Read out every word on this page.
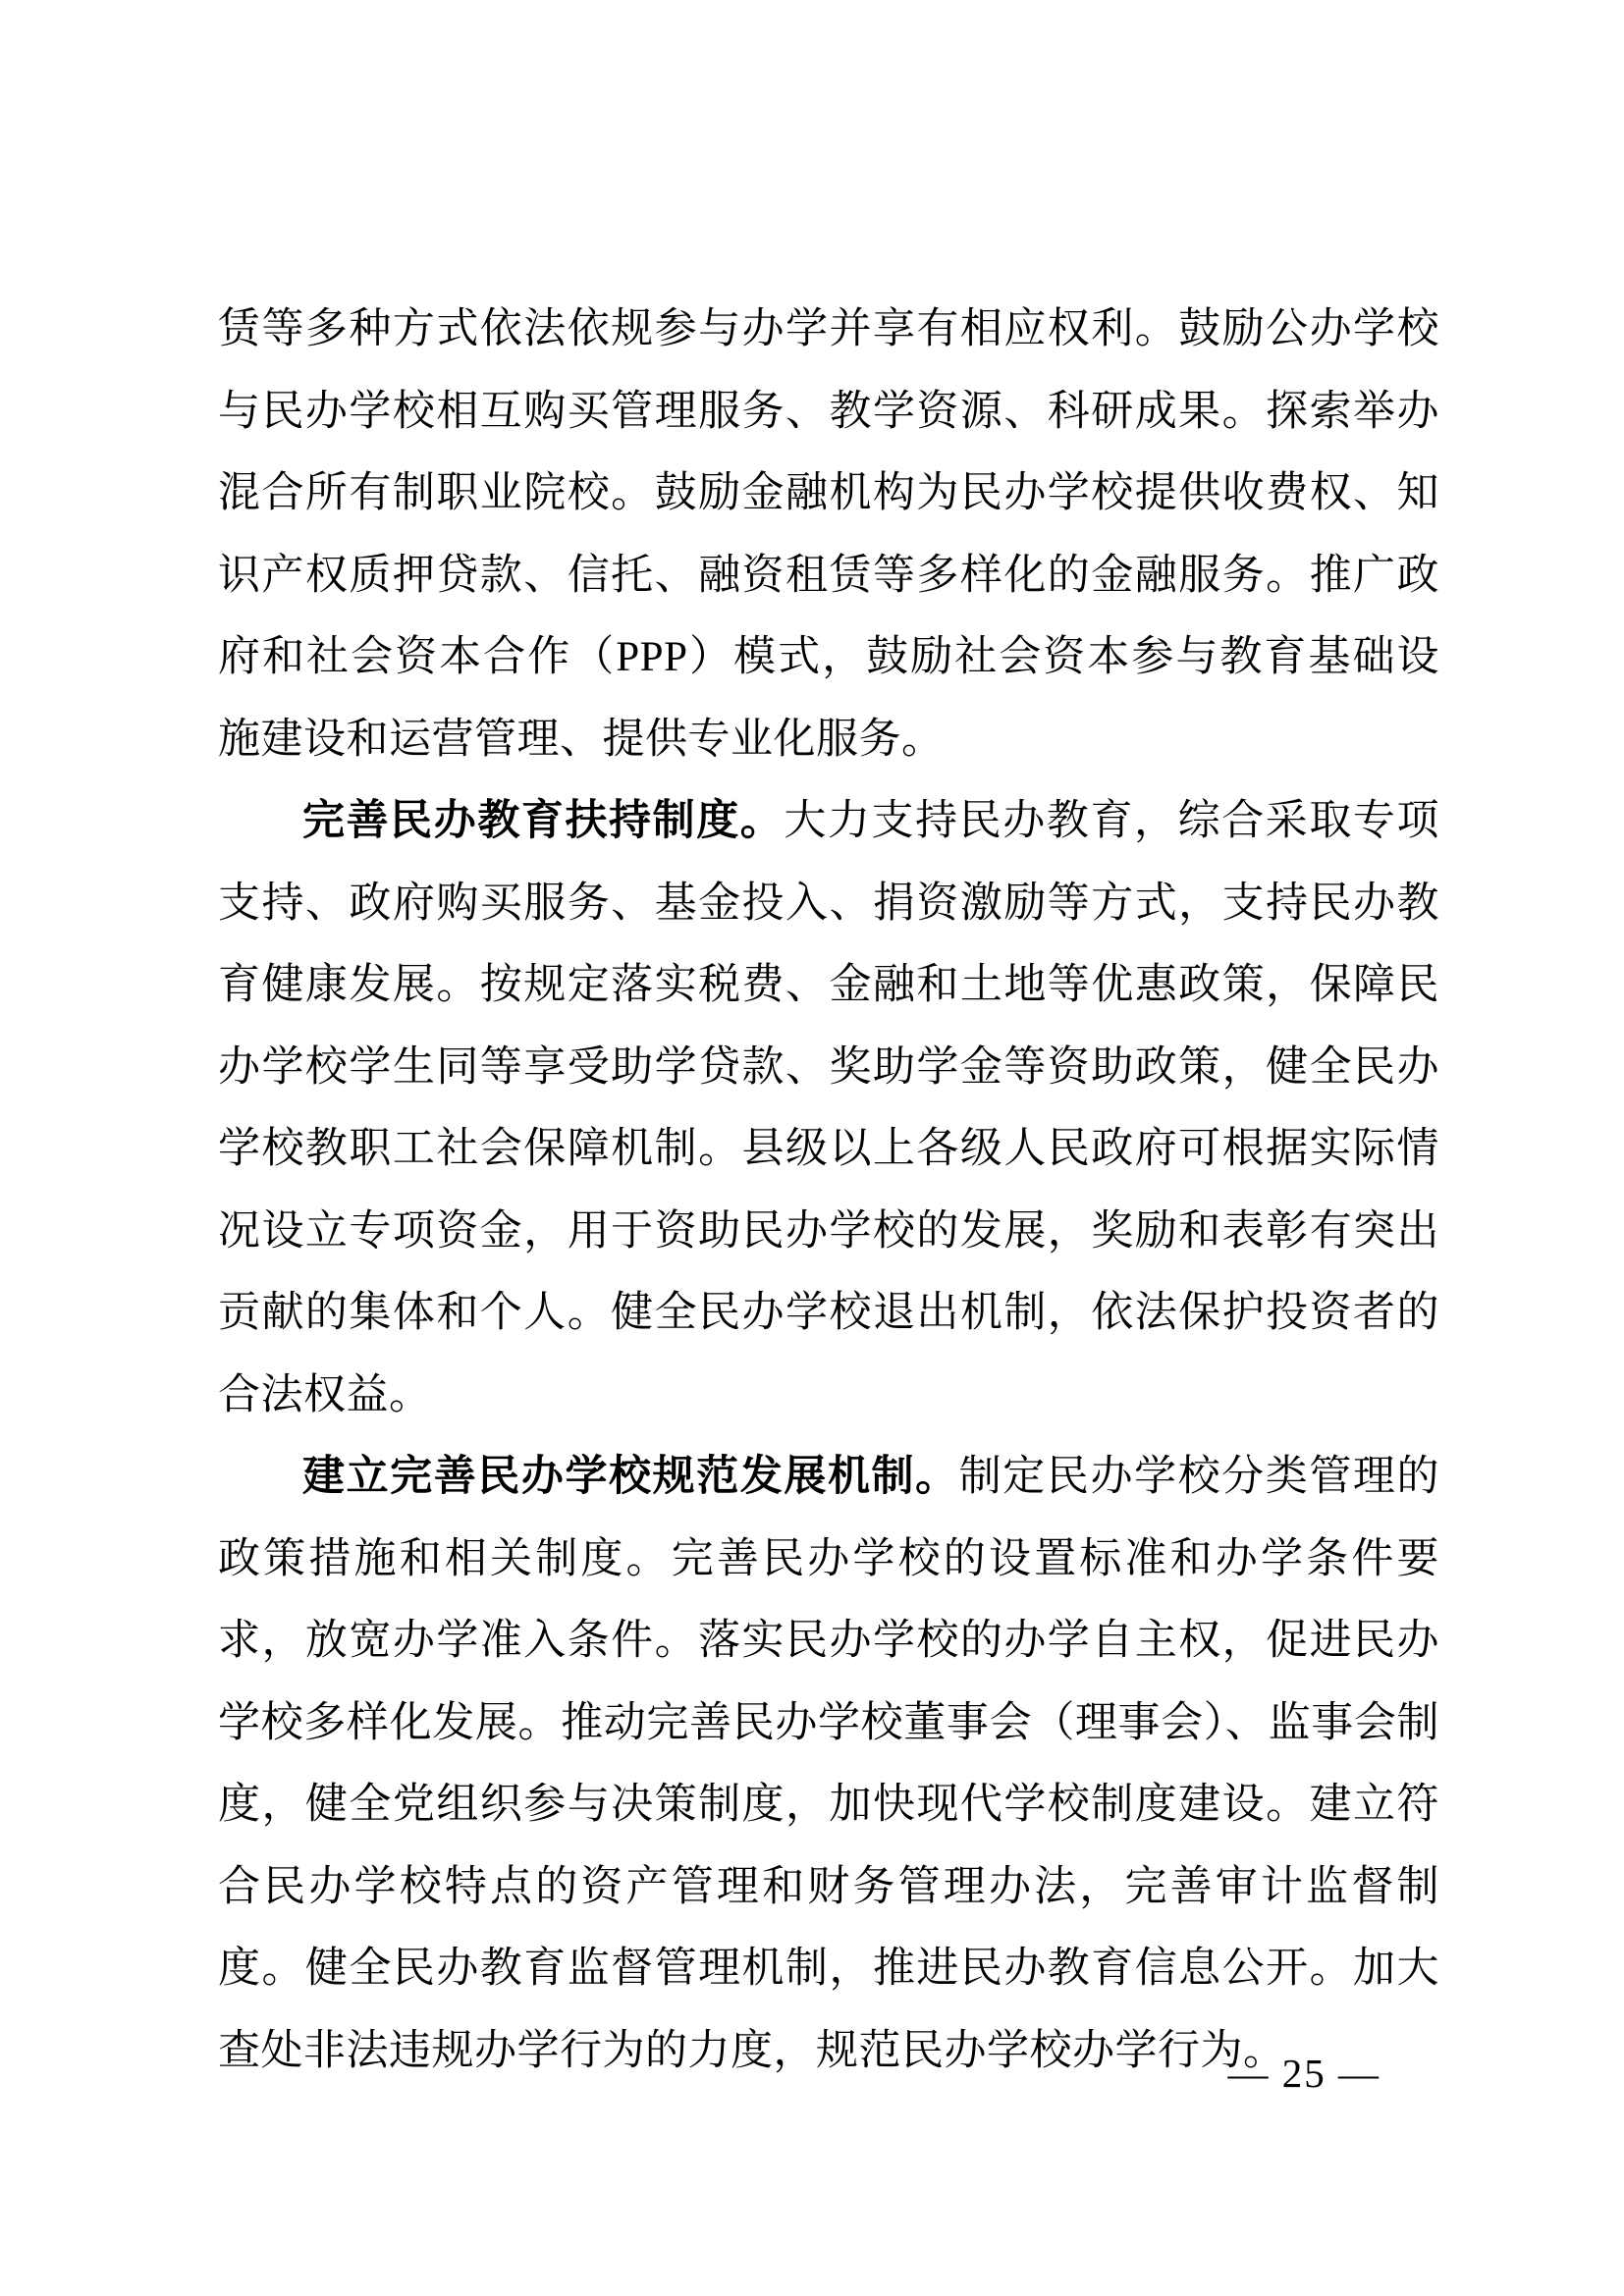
赁等多种方式依法依规参与办学并享有相应权利。鼓励公办学校与民办学校相互购买管理服务、教学资源、科研成果。探索举办混合所有制职业院校。鼓励金融机构为民办学校提供收费权、知识产权质押贷款、信托、融资租赁等多样化的金融服务。推广政府和社会资本合作（PPP）模式，鼓励社会资本参与教育基础设施建设和运营管理、提供专业化服务。

完善民办教育扶持制度。大力支持民办教育，综合采取专项支持、政府购买服务、基金投入、捐资激励等方式，支持民办教育健康发展。按规定落实税费、金融和土地等优惠政策，保障民办学校学生同等享受助学贷款、奖助学金等资助政策，健全民办学校教职工社会保障机制。县级以上各级人民政府可根据实际情况设立专项资金，用于资助民办学校的发展，奖励和表彰有突出贡献的集体和个人。健全民办学校退出机制，依法保护投资者的合法权益。

建立完善民办学校规范发展机制。制定民办学校分类管理的政策措施和相关制度。完善民办学校的设置标准和办学条件要求，放宽办学准入条件。落实民办学校的办学自主权，促进民办学校多样化发展。推动完善民办学校董事会（理事会）、监事会制度，健全党组织参与决策制度，加快现代学校制度建设。建立符合民办学校特点的资产管理和财务管理办法，完善审计监督制度。健全民办教育监督管理机制，推进民办教育信息公开。加大查处非法违规办学行为的力度，规范民办学校办学行为。

— 25 —
